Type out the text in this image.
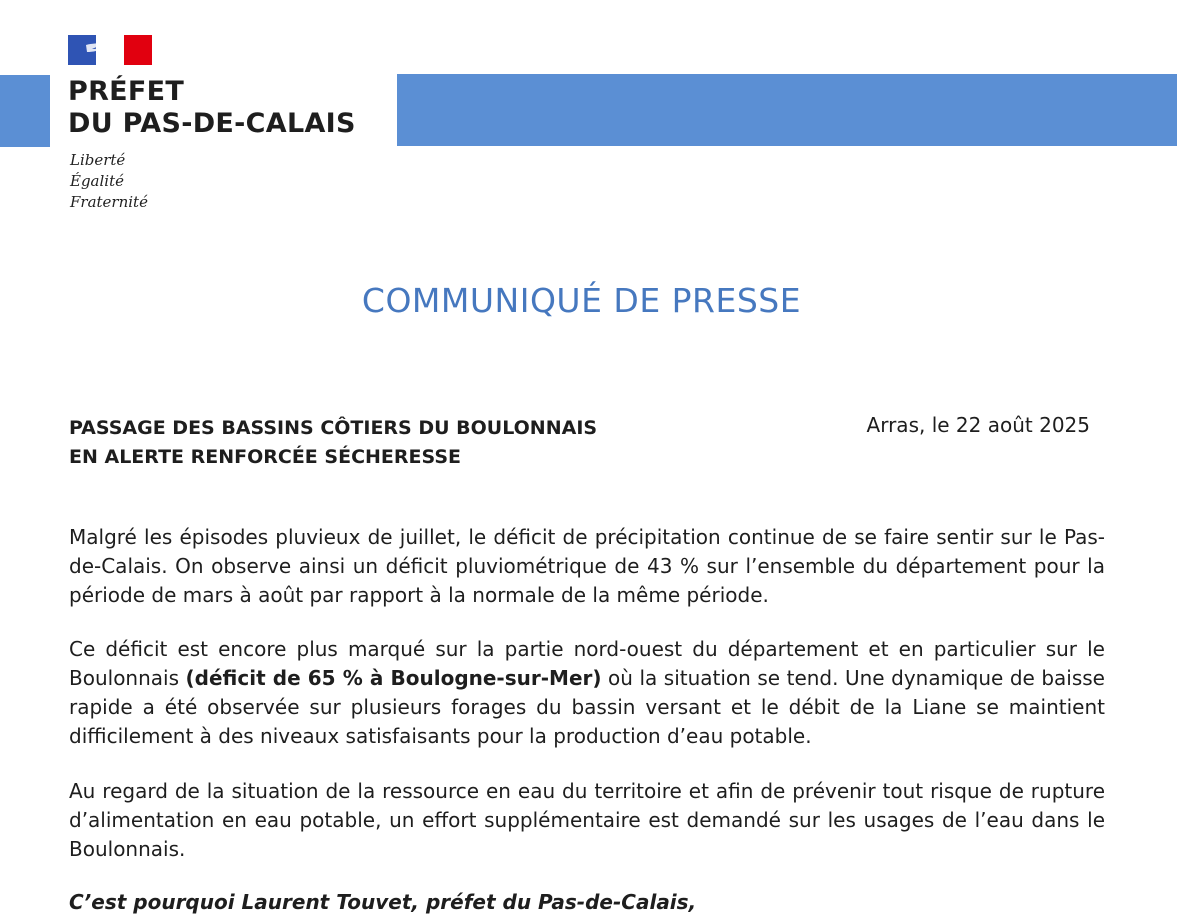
PRÉFET
DU PAS-DE-CALAIS
Liberté
Égalité
Fraternité
COMMUNIQUÉ DE PRESSE
PASSAGE DES BASSINS CÔTIERS DU BOULONNAIS
EN ALERTE RENFORCÉE SÉCHERESSE
Arras, le 22 août 2025

Malgré les épisodes pluvieux de juillet, le déficit de précipitation continue de se faire sentir sur le Pas-de-Calais. On observe ainsi un déficit pluviométrique de 43 % sur l’ensemble du département pour la période de mars à août par rapport à la normale de la même période.

Ce déficit est encore plus marqué sur la partie nord-ouest du département et en particulier sur le Boulonnais (déficit de 65 % à Boulogne-sur-Mer) où la situation se tend. Une dynamique de baisse rapide a été observée sur plusieurs forages du bassin versant et le débit de la Liane se maintient difficilement à des niveaux satisfaisants pour la production d’eau potable.

Au regard de la situation de la ressource en eau du territoire et afin de prévenir tout risque de rupture d’alimentation en eau potable, un effort supplémentaire est demandé sur les usages de l’eau dans le Boulonnais.

C’est pourquoi Laurent Touvet, préfet du Pas-de-Calais,
